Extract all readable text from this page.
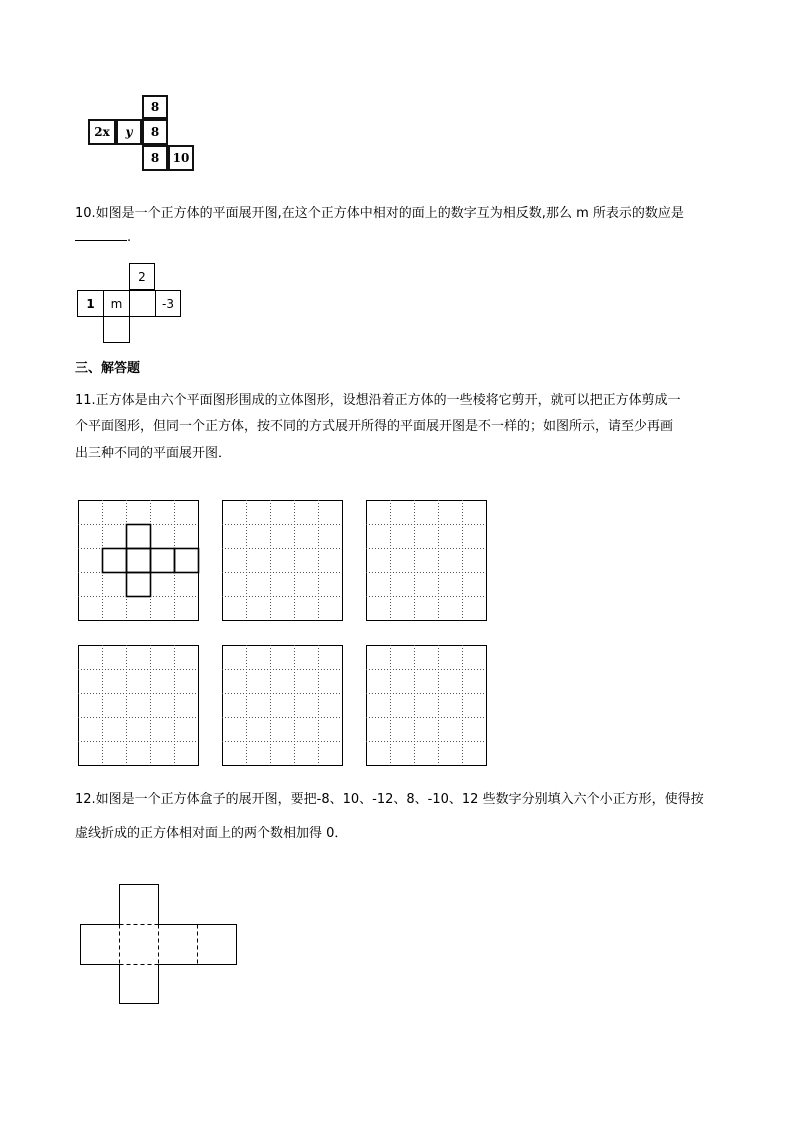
8
2x y 8
8 10
10.如图是一个正方体的平面展开图,在这个正方体中相对的面上的数字互为相反数,那么 m 所表示的数应是
.
2
1 m	-3
三、解答题
11.正方体是由六个平面图形围成的立体图形，设想沿着正方体的一些棱将它剪开，就可以把正方体剪成一
个平面图形，但同一个正方体，按不同的方式展开所得的平面展开图是不一样的；如图所示，请至少再画
出三种不同的平面展开图．
12.如图是一个正方体盒子的展开图，要把-8、10、-12、8、-10、12 些数字分别填入六个小正方形，使得按
虚线折成的正方体相对面上的两个数相加得 0．
